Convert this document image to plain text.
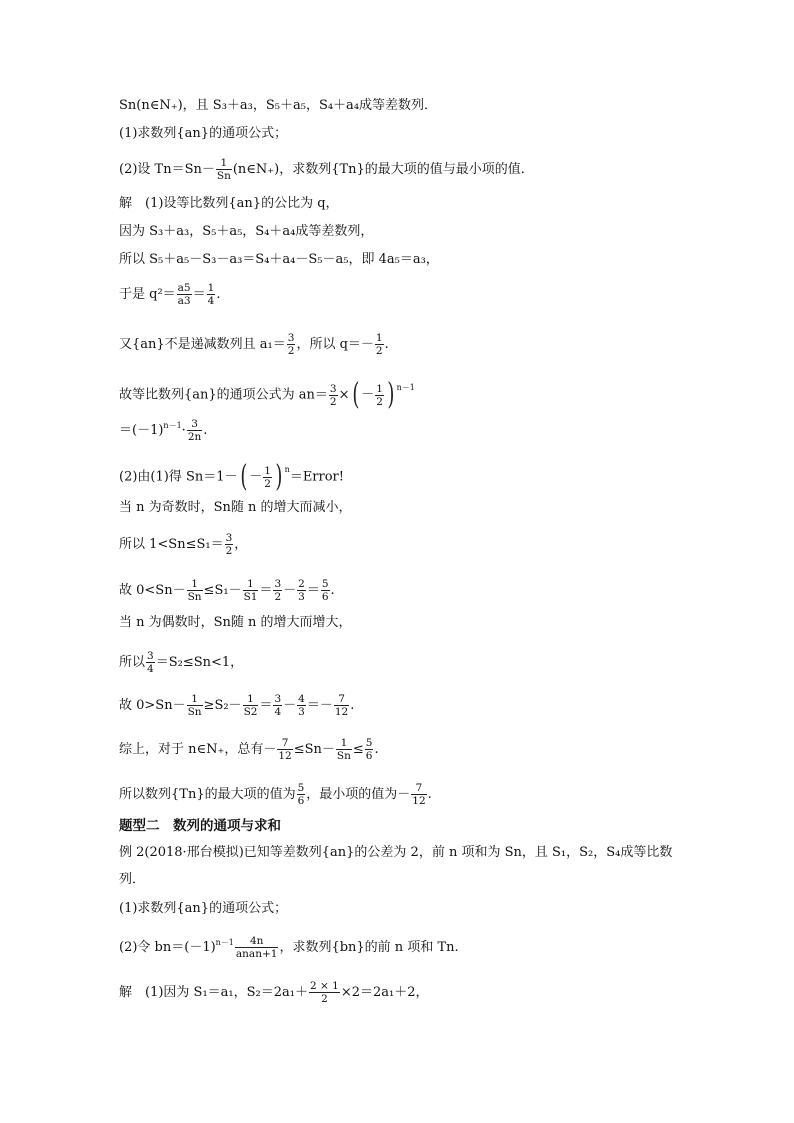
Sn(n∈N₊)，且 S₃＋a₃，S₅＋a₅，S₄＋a₄成等差数列．
(1)求数列{an}的通项公式；
(2)设 $Tn=Sn- \frac{1}{Sn}$ (n∈N₊)，求数列{Tn}的最大项的值与最小项的值．
解　(1)设等比数列{an}的公比为 q，
因为 S₃＋a₃，S₅＋a₅，S₄＋a₄成等差数列，
所以 S₅＋a₅－S₃－a₃＝S₄＋a₄－S₅－a₅，即 4a₅＝a₃，
于是 $q^2= \frac{a5}{a3} = \frac{1}{4}$ .
又{an}不是递减数列且 $a_1= \frac{3}{2}$ ，所以 $q=- \frac{1}{2}$ .
故等比数列{an}的通项公式为 $an= \frac{3}{2}$ ×( － $\frac{1}{2}$ ) $^{n-1}$
$=(-1)^{n-1}\cdot \frac{3}{2n}$ .
(2)由(1)得 $Sn=1-( - \frac{1}{2}$ ) $^n$＝Error!
当 n 为奇数时，Sn随 n 的增大而减小，
所以 $1<Sn\le S_1= \frac{3}{2}$ ，
故 $0<Sn- \frac{1}{Sn} \le S_1- \frac{1}{S1} = \frac{3}{2} - \frac{2}{3} = \frac{5}{6}$ .
当 n 为偶数时，Sn随 n 的增大而增大，
所以 $\frac{3}{4} =S_2\le Sn<1$，
故 $0>Sn- \frac{1}{Sn} \ge S_2- \frac{1}{S2} = \frac{3}{4} - \frac{4}{3} =- \frac{7}{12}$ .
综上，对于 n∈N₊，总有－ $\frac{7}{12} \le Sn- \frac{1}{Sn} \le \frac{5}{6}$ .
所以数列{Tn}的最大项的值为 $\frac{5}{6}$ ，最小项的值为－ $\frac{7}{12}$ .
题型二　数列的通项与求和
例 2(2018·邢台模拟)已知等差数列{an}的公差为 2，前 n 项和为 Sn，且 S₁，S₂，S₄成等比数
列．
(1)求数列{an}的通项公式；
(2)令 $bn=(-1)^{n-1}$	4n
anan+1 ，求数列{bn}的前 n 项和 Tn.
解　(1)因为 S₁＝a₁，$S_2=2a_1+ \frac{2 \times 1}{2} \times 2=2a_1+2$，
